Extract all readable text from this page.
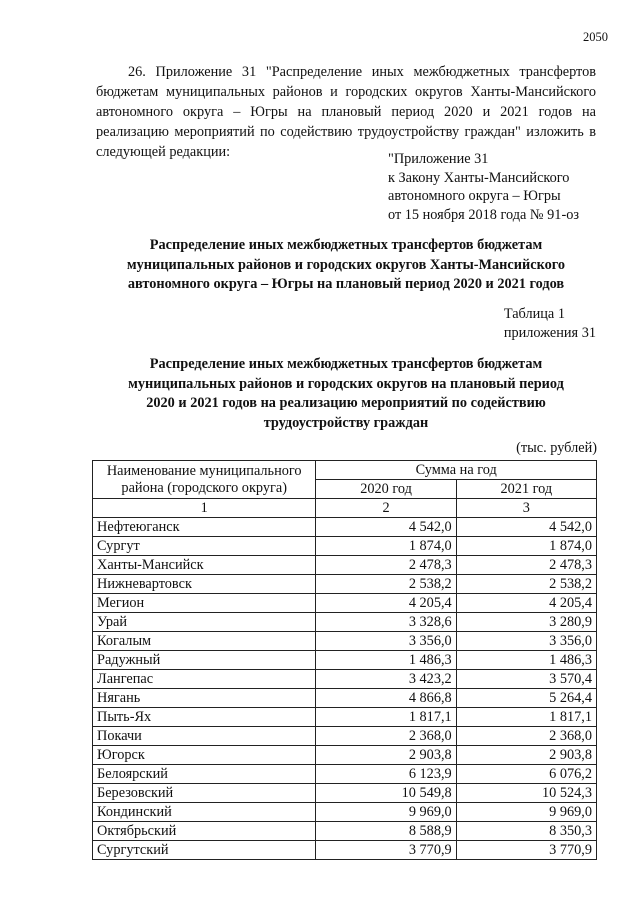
2050

26. Приложение 31 "Распределение иных межбюджетных трансфертов
бюджетам муниципальных районов и городских округов Ханты-Мансийского
автономного округа – Югры на плановый период 2020 и 2021 годов на
реализацию мероприятий по содействию трудоустройству граждан" изложить в
следующей редакции:	"Приложение 31
к Закону Ханты-Мансийского
автономного округа – Югры
от 15 ноября 2018 года № 91-оз
Распределение иных межбюджетных трансфертов бюджетам
муниципальных районов и городских округов Ханты-Мансийского
автономного округа – Югры на плановый период 2020 и 2021 годов
Таблица 1
приложения 31
Распределение иных межбюджетных трансфертов бюджетам
муниципальных районов и городских округов на плановый период
2020 и 2021 годов на реализацию мероприятий по содействию
трудоустройству граждан
(тыс. рублей)
Наименование муниципального
района (городского округа)	Сумма на год	
	2020 год	2021 год
1	2	3
Нефтеюганск	4 542,0	4 542,0
Сургут	1 874,0	1 874,0
Ханты-Мансийск	2 478,3	2 478,3
Нижневартовск	2 538,2	2 538,2
Мегион	4 205,4	4 205,4
Урай	3 328,6	3 280,9
Когалым	3 356,0	3 356,0
Радужный	1 486,3	1 486,3
Лангепас	3 423,2	3 570,4
Нягань	4 866,8	5 264,4
Пыть-Ях	1 817,1	1 817,1
Покачи	2 368,0	2 368,0
Югорск	2 903,8	2 903,8
Белоярский	6 123,9	6 076,2
Березовский	10 549,8	10 524,3
Кондинский	9 969,0	9 969,0
Октябрьский	8 588,9	8 350,3
Сургутский	3 770,9	3 770,9
